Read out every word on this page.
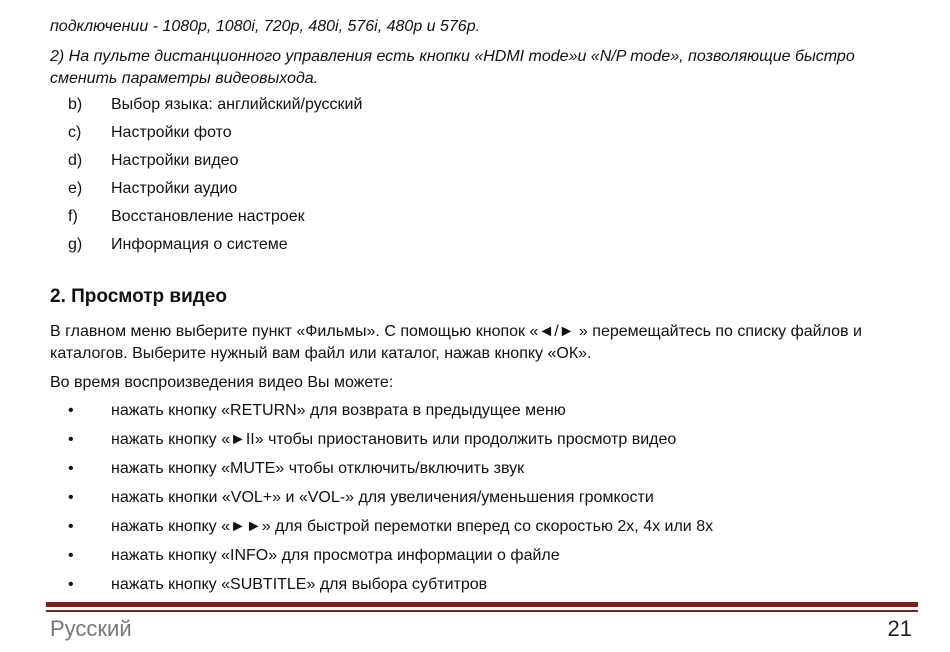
подключении - 1080р, 1080i, 720p, 480i, 576i, 480p и 576р.

2) На пульте дистанционного управления есть кнопки «HDMI mode»и «N/P mode», позволяющие быстро сменить параметры видеовыхода.

b)	Выбор языка: английский/русский
c)	Настройки фото
d)	Настройки видео
e)	Настройки аудио
f)	Восстановление настроек
g)	Информация о системе
2. Просмотр видео

В главном меню выберите пункт «Фильмы». С помощью кнопок «◄/► » перемещайтесь по списку файлов и каталогов. Выберите нужный вам файл или каталог, нажав кнопку «ОК».

Во время воспроизведения видео Вы можете:

•	нажать кнопку «RETURN» для возврата в предыдущее меню
•	нажать кнопку «►II» чтобы приостановить или продолжить просмотр видео
•	нажать кнопку «MUTE» чтобы отключить/включить звук
•	нажать кнопки «VOL+» и «VOL-» для увеличения/уменьшения громкости
•	нажать кнопку «►►» для быстрой перемотки вперед со скоростью 2x, 4x или 8x
•	нажать кнопку «INFO» для просмотра информации о файле
•	нажать кнопку «SUBTITLE» для выбора субтитров
Русский	21
